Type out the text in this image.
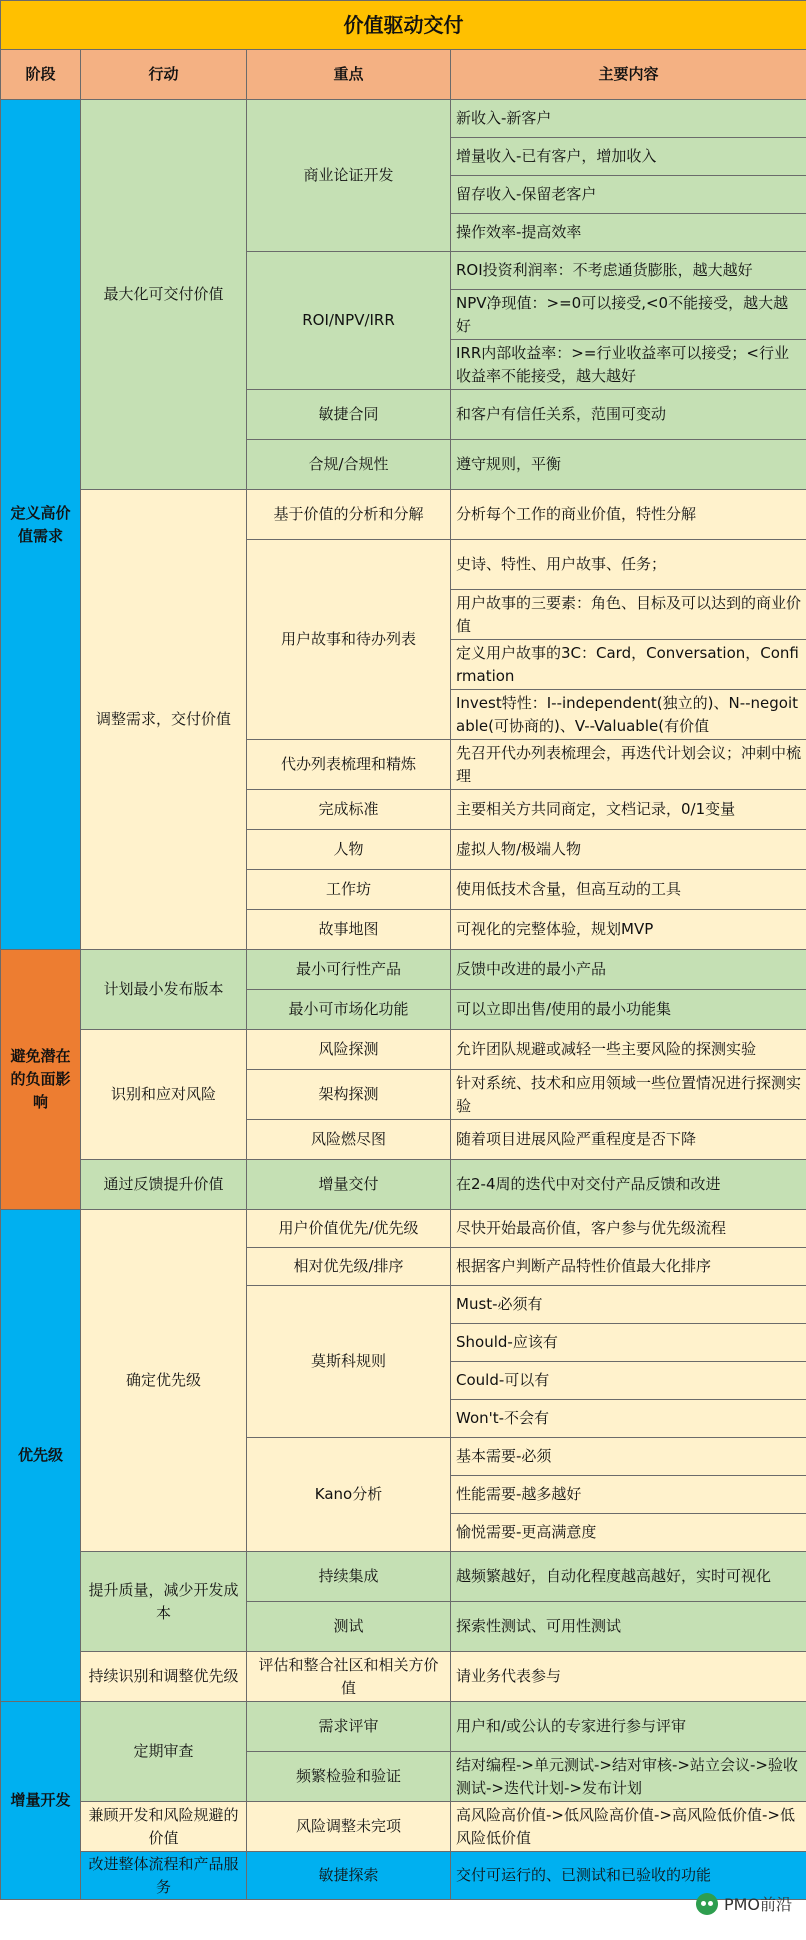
价值驱动交付			
阶段	行动	重点	主要内容
定义高价值需求	最大化可交付价值	商业论证开发	新收入-新客户
			增量收入-已有客户，增加收入
			留存收入-保留老客户
			操作效率-提高效率
		ROI/NPV/IRR	ROI投资利润率：不考虑通货膨胀，越大越好
			NPV净现值：>=0可以接受,<0不能接受，越大越好
			IRR内部收益率：>=行业收益率可以接受；<行业收益率不能接受，越大越好
		敏捷合同	和客户有信任关系，范围可变动
		合规/合规性	遵守规则，平衡
	调整需求，交付价值	基于价值的分析和分解	分析每个工作的商业价值，特性分解
		用户故事和待办列表	史诗、特性、用户故事、任务；
			用户故事的三要素：角色、目标及可以达到的商业价值
			定义用户故事的3C：Card，Conversation，Confirmation
			Invest特性：I--independent(独立的)、N--negoitable(可协商的)、V--Valuable(有价值
		代办列表梳理和精炼	先召开代办列表梳理会，再迭代计划会议；冲刺中梳理
		完成标准	主要相关方共同商定，文档记录，0/1变量
		人物	虚拟人物/极端人物
		工作坊	使用低技术含量，但高互动的工具
		故事地图	可视化的完整体验，规划MVP
避免潜在的负面影响	计划最小发布版本	最小可行性产品	反馈中改进的最小产品
		最小可市场化功能	可以立即出售/使用的最小功能集
	识别和应对风险	风险探测	允许团队规避或减轻一些主要风险的探测实验
		架构探测	针对系统、技术和应用领域一些位置情况进行探测实验
		风险燃尽图	随着项目进展风险严重程度是否下降
	通过反馈提升价值	增量交付	在2-4周的迭代中对交付产品反馈和改进
优先级	确定优先级	用户价值优先/优先级	尽快开始最高价值，客户参与优先级流程
		相对优先级/排序	根据客户判断产品特性价值最大化排序
		莫斯科规则	Must-必须有
			Should-应该有
			Could-可以有
			Won't-不会有
		Kano分析	基本需要-必须
			性能需要-越多越好
			愉悦需要-更高满意度
	提升质量，减少开发成本	持续集成	越频繁越好，自动化程度越高越好，实时可视化
		测试	探索性测试、可用性测试
	持续识别和调整优先级	评估和整合社区和相关方价值	请业务代表参与
增量开发	定期审查	需求评审	用户和/或公认的专家进行参与评审
		频繁检验和验证	结对编程->单元测试->结对审核->站立会议->验收测试->迭代计划->发布计划
	兼顾开发和风险规避的价值	风险调整未完项	高风险高价值->低风险高价值->高风险低价值->低风险低价值
	改进整体流程和产品服务	敏捷探索	交付可运行的、已测试和已验收的功能
PMO前沿
